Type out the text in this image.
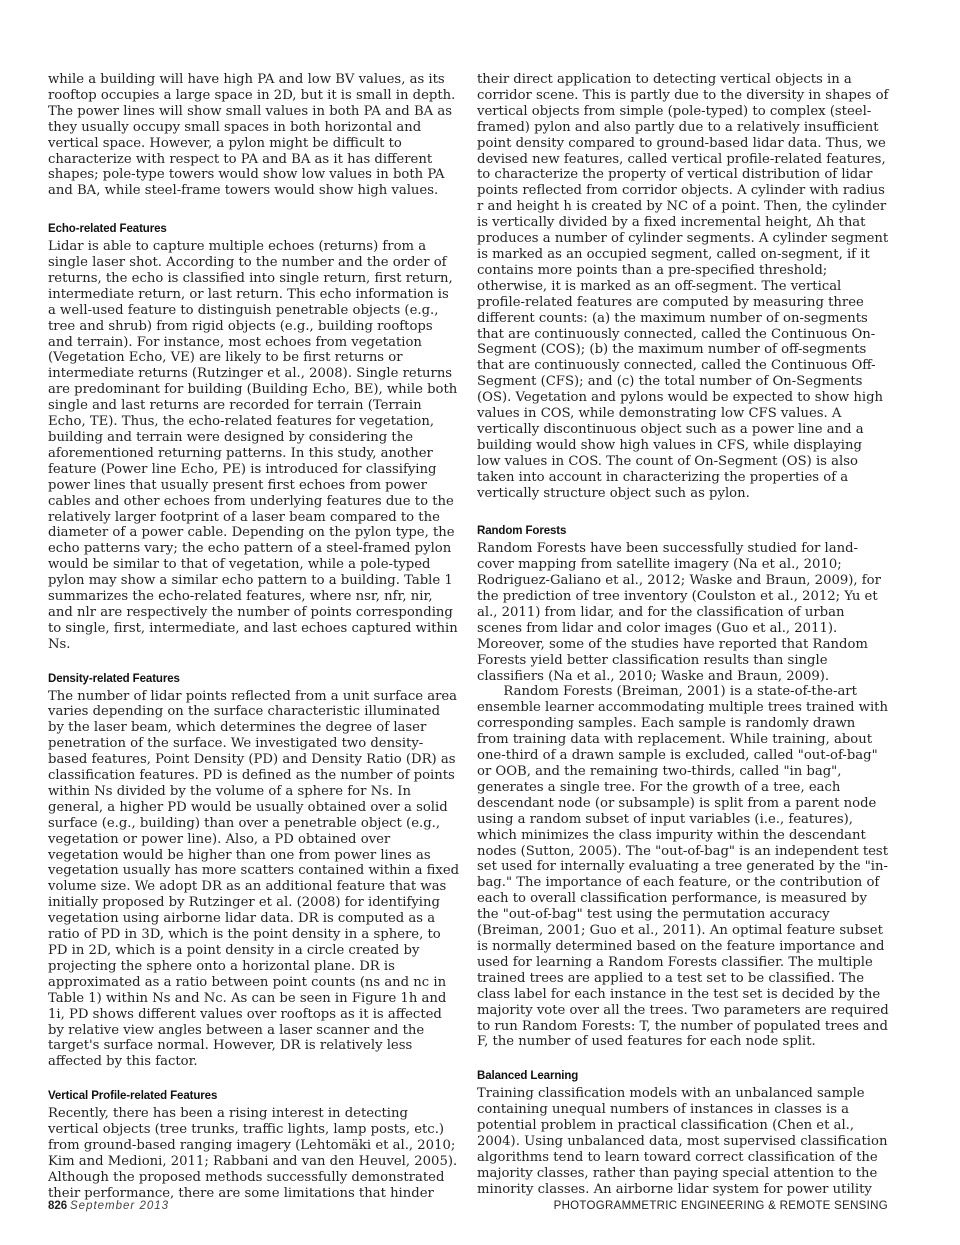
while a building will have high PA and low BV values, as its rooftop occupies a large space in 2D, but it is small in depth. The power lines will show small values in both PA and BA as they usually occupy small spaces in both horizontal and vertical space. However, a pylon might be difficult to characterize with respect to PA and BA as it has different shapes; pole-type towers would show low values in both PA and BA, while steel-frame towers would show high values.

Echo-related Features

Lidar is able to capture multiple echoes (returns) from a single laser shot. According to the number and the order of returns, the echo is classified into single return, first return, intermediate return, or last return. This echo information is a well-used feature to distinguish penetrable objects (e.g., tree and shrub) from rigid objects (e.g., building rooftops and terrain). For instance, most echoes from vegetation (Vegetation Echo, VE) are likely to be first returns or intermediate returns (Rutzinger et al., 2008). Single returns are predominant for building (Building Echo, BE), while both single and last returns are recorded for terrain (Terrain Echo, TE). Thus, the echo-related features for vegetation, building and terrain were designed by considering the aforementioned returning patterns. In this study, another feature (Power line Echo, PE) is introduced for classifying power lines that usually present first echoes from power cables and other echoes from underlying features due to the relatively larger footprint of a laser beam compared to the diameter of a power cable. Depending on the pylon type, the echo patterns vary; the echo pattern of a steel-framed pylon would be similar to that of vegetation, while a pole-typed pylon may show a similar echo pattern to a building. Table 1 summarizes the echo-related features, where nsr, nfr, nir, and nlr are respectively the number of points corresponding to single, first, intermediate, and last echoes captured within Ns.

Density-related Features

The number of lidar points reflected from a unit surface area varies depending on the surface characteristic illuminated by the laser beam, which determines the degree of laser penetration of the surface. We investigated two density-based features, Point Density (PD) and Density Ratio (DR) as classification features. PD is defined as the number of points within Ns divided by the volume of a sphere for Ns. In general, a higher PD would be usually obtained over a solid surface (e.g., building) than over a penetrable object (e.g., vegetation or power line). Also, a PD obtained over vegetation would be higher than one from power lines as vegetation usually has more scatters contained within a fixed volume size. We adopt DR as an additional feature that was initially proposed by Rutzinger et al. (2008) for identifying vegetation using airborne lidar data. DR is computed as a ratio of PD in 3D, which is the point density in a sphere, to PD in 2D, which is a point density in a circle created by projecting the sphere onto a horizontal plane. DR is approximated as a ratio between point counts (ns and nc in Table 1) within Ns and Nc. As can be seen in Figure 1h and 1i, PD shows different values over rooftops as it is affected by relative view angles between a laser scanner and the target's surface normal. However, DR is relatively less affected by this factor.

Vertical Profile-related Features

Recently, there has been a rising interest in detecting vertical objects (tree trunks, traffic lights, lamp posts, etc.) from ground-based ranging imagery (Lehtomäki et al., 2010; Kim and Medioni, 2011; Rabbani and van den Heuvel, 2005). Although the proposed methods successfully demonstrated their performance, there are some limitations that hinder

their direct application to detecting vertical objects in a corridor scene. This is partly due to the diversity in shapes of vertical objects from simple (pole-typed) to complex (steel-framed) pylon and also partly due to a relatively insufficient point density compared to ground-based lidar data. Thus, we devised new features, called vertical profile-related features, to characterize the property of vertical distribution of lidar points reflected from corridor objects. A cylinder with radius r and height h is created by NC of a point. Then, the cylinder is vertically divided by a fixed incremental height, Δh that produces a number of cylinder segments. A cylinder segment is marked as an occupied segment, called on-segment, if it contains more points than a pre-specified threshold; otherwise, it is marked as an off-segment. The vertical profile-related features are computed by measuring three different counts: (a) the maximum number of on-segments that are continuously connected, called the Continuous On-Segment (COS); (b) the maximum number of off-segments that are continuously connected, called the Continuous Off-Segment (CFS); and (c) the total number of On-Segments (OS). Vegetation and pylons would be expected to show high values in COS, while demonstrating low CFS values. A vertically discontinuous object such as a power line and a building would show high values in CFS, while displaying low values in COS. The count of On-Segment (OS) is also taken into account in characterizing the properties of a vertically structure object such as pylon.

Random Forests

Random Forests have been successfully studied for land-cover mapping from satellite imagery (Na et al., 2010; Rodriguez-Galiano et al., 2012; Waske and Braun, 2009), for the prediction of tree inventory (Coulston et al., 2012; Yu et al., 2011) from lidar, and for the classification of urban scenes from lidar and color images (Guo et al., 2011). Moreover, some of the studies have reported that Random Forests yield better classification results than single classifiers (Na et al., 2010; Waske and Braun, 2009).

Random Forests (Breiman, 2001) is a state-of-the-art ensemble learner accommodating multiple trees trained with corresponding samples. Each sample is randomly drawn from training data with replacement. While training, about one-third of a drawn sample is excluded, called "out-of-bag" or OOB, and the remaining two-thirds, called "in bag", generates a single tree. For the growth of a tree, each descendant node (or subsample) is split from a parent node using a random subset of input variables (i.e., features), which minimizes the class impurity within the descendant nodes (Sutton, 2005). The "out-of-bag" is an independent test set used for internally evaluating a tree generated by the "in-bag." The importance of each feature, or the contribution of each to overall classification performance, is measured by the "out-of-bag" test using the permutation accuracy (Breiman, 2001; Guo et al., 2011). An optimal feature subset is normally determined based on the feature importance and used for learning a Random Forests classifier. The multiple trained trees are applied to a test set to be classified. The class label for each instance in the test set is decided by the majority vote over all the trees. Two parameters are required to run Random Forests: T, the number of populated trees and F, the number of used features for each node split.

Balanced Learning

Training classification models with an unbalanced sample containing unequal numbers of instances in classes is a potential problem in practical classification (Chen et al., 2004). Using unbalanced data, most supervised classification algorithms tend to learn toward correct classification of the majority classes, rather than paying special attention to the minority classes. An airborne lidar system for power utility

826 September 2013	PHOTOGRAMMETRIC ENGINEERING & REMOTE SENSING
